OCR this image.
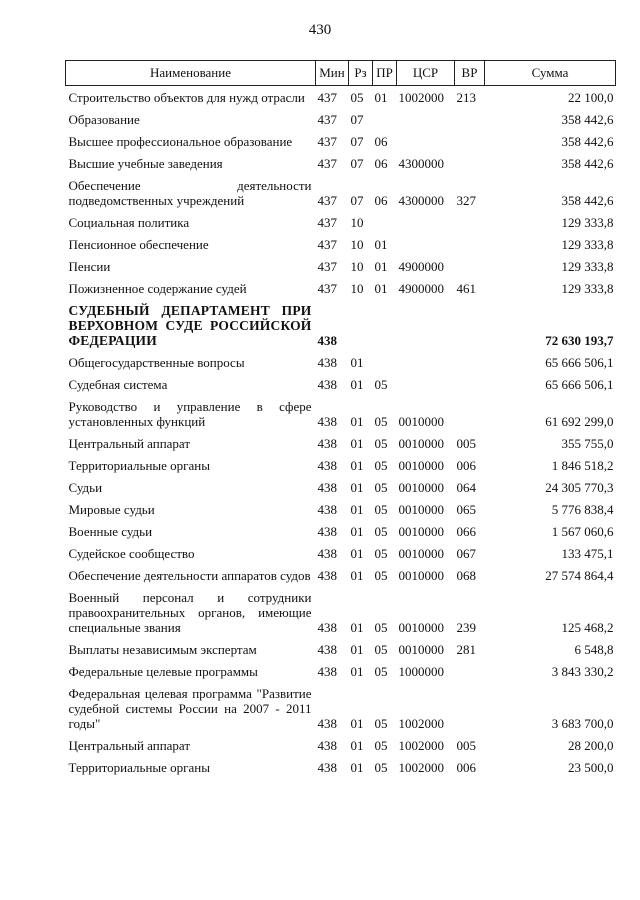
430
Наименование	Мин	Рз	ПР	ЦСР	ВР	Сумма
Строительство объектов для нужд отрасли	437	05	01	1002000	213	22 100,0
Образование	437	07				358 442,6
Высшее профессиональное образование	437	07	06			358 442,6
Высшие учебные заведения	437	07	06	4300000		358 442,6
Обеспечение деятельности подведомственных учреждений	437	07	06	4300000	327	358 442,6
Социальная политика	437	10				129 333,8
Пенсионное обеспечение	437	10	01			129 333,8
Пенсии	437	10	01	4900000		129 333,8
Пожизненное содержание судей	437	10	01	4900000	461	129 333,8
СУДЕБНЫЙ ДЕПАРТАМЕНТ ПРИ ВЕРХОВНОМ СУДЕ РОССИЙСКОЙ ФЕДЕРАЦИИ	438					72 630 193,7
Общегосударственные вопросы	438	01				65 666 506,1
Судебная система	438	01	05			65 666 506,1
Руководство и управление в сфере установленных функций	438	01	05	0010000		61 692 299,0
Центральный аппарат	438	01	05	0010000	005	355 755,0
Территориальные органы	438	01	05	0010000	006	1 846 518,2
Судьи	438	01	05	0010000	064	24 305 770,3
Мировые судьи	438	01	05	0010000	065	5 776 838,4
Военные судьи	438	01	05	0010000	066	1 567 060,6
Судейское сообщество	438	01	05	0010000	067	133 475,1
Обеспечение деятельности аппаратов судов	438	01	05	0010000	068	27 574 864,4
Военный персонал и сотрудники правоохранительных органов, имеющие специальные звания	438	01	05	0010000	239	125 468,2
Выплаты независимым экспертам	438	01	05	0010000	281	6 548,8
Федеральные целевые программы	438	01	05	1000000		3 843 330,2
Федеральная целевая программа "Развитие судебной системы России на 2007 - 2011 годы"	438	01	05	1002000		3 683 700,0
Центральный аппарат	438	01	05	1002000	005	28 200,0
Территориальные органы	438	01	05	1002000	006	23 500,0
